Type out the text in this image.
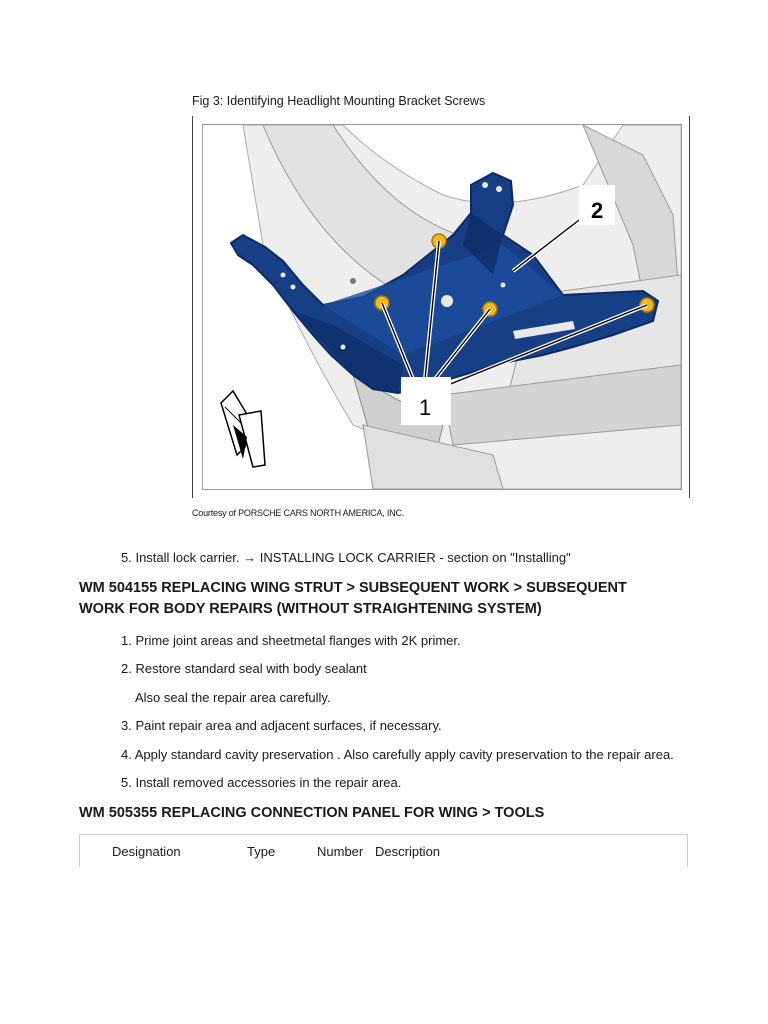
Fig 3: Identifying Headlight Mounting Bracket Screws
1
2
Courtesy of PORSCHE CARS NORTH AMERICA, INC.
5. Install lock carrier. → INSTALLING LOCK CARRIER - section on "Installing"
WM 504155 REPLACING WING STRUT > SUBSEQUENT WORK > SUBSEQUENT
WORK FOR BODY REPAIRS (WITHOUT STRAIGHTENING SYSTEM)
1. Prime joint areas and sheetmetal flanges with 2K primer.
2. Restore standard seal with body sealant
Also seal the repair area carefully.
3. Paint repair area and adjacent surfaces, if necessary.
4. Apply standard cavity preservation . Also carefully apply cavity preservation to the repair area.
5. Install removed accessories in the repair area.
WM 505355 REPLACING CONNECTION PANEL FOR WING > TOOLS
Designation	Type	Number Description
